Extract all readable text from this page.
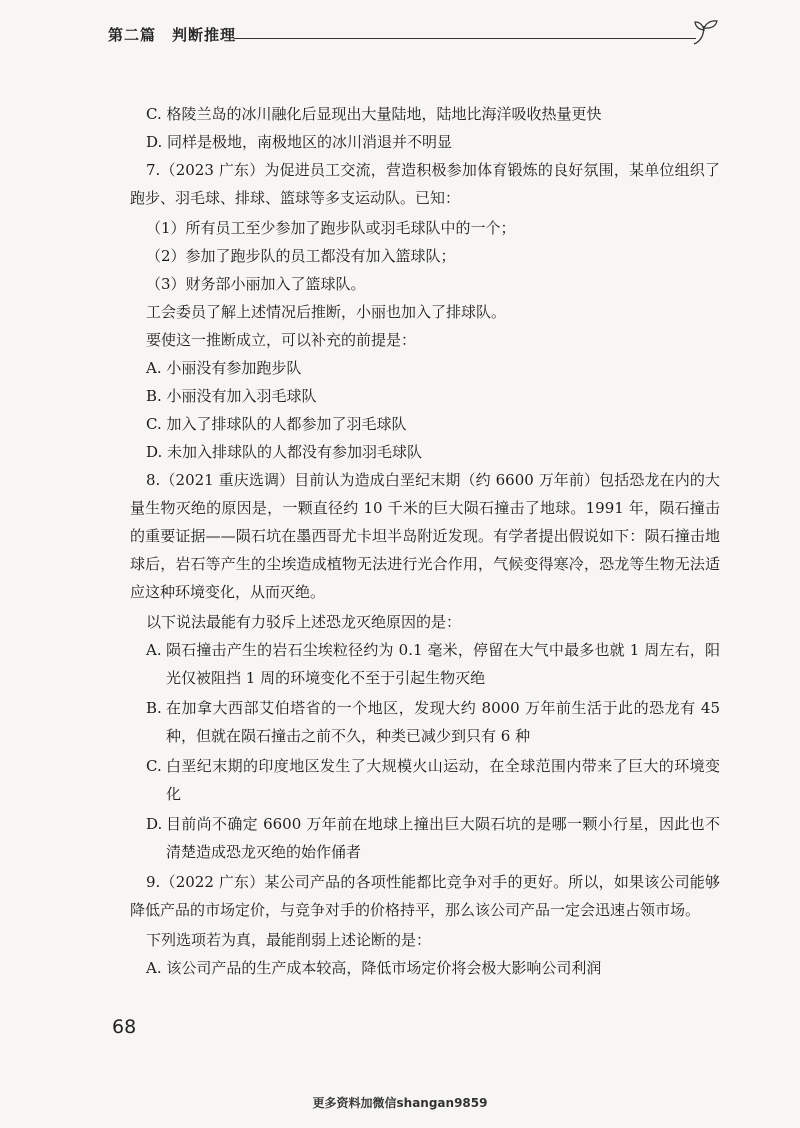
第二篇　判断推理

C. 格陵兰岛的冰川融化后显现出大量陆地，陆地比海洋吸收热量更快

D. 同样是极地，南极地区的冰川消退并不明显

7.（2023 广东）为促进员工交流，营造积极参加体育锻炼的良好氛围，某单位组织了跑步、羽毛球、排球、篮球等多支运动队。已知：

（1）所有员工至少参加了跑步队或羽毛球队中的一个；

（2）参加了跑步队的员工都没有加入篮球队；

（3）财务部小丽加入了篮球队。

工会委员了解上述情况后推断，小丽也加入了排球队。

要使这一推断成立，可以补充的前提是：

A. 小丽没有参加跑步队

B. 小丽没有加入羽毛球队

C. 加入了排球队的人都参加了羽毛球队

D. 未加入排球队的人都没有参加羽毛球队

8.（2021 重庆选调）目前认为造成白垩纪末期（约 6600 万年前）包括恐龙在内的大量生物灭绝的原因是，一颗直径约 10 千米的巨大陨石撞击了地球。1991 年，陨石撞击的重要证据——陨石坑在墨西哥尤卡坦半岛附近发现。有学者提出假说如下：陨石撞击地球后，岩石等产生的尘埃造成植物无法进行光合作用，气候变得寒冷，恐龙等生物无法适应这种环境变化，从而灭绝。

以下说法最能有力驳斥上述恐龙灭绝原因的是：

A. 陨石撞击产生的岩石尘埃粒径约为 0.1 毫米，停留在大气中最多也就 1 周左右，阳光仅被阻挡 1 周的环境变化不至于引起生物灭绝
B. 在加拿大西部艾伯塔省的一个地区，发现大约 8000 万年前生活于此的恐龙有 45 种，但就在陨石撞击之前不久，种类已减少到只有 6 种
C. 白垩纪末期的印度地区发生了大规模火山运动，在全球范围内带来了巨大的环境变化
D. 目前尚不确定 6600 万年前在地球上撞出巨大陨石坑的是哪一颗小行星，因此也不清楚造成恐龙灭绝的始作俑者

9.（2022 广东）某公司产品的各项性能都比竞争对手的更好。所以，如果该公司能够降低产品的市场定价，与竞争对手的价格持平，那么该公司产品一定会迅速占领市场。

下列选项若为真，最能削弱上述论断的是：

A. 该公司产品的生产成本较高，降低市场定价将会极大影响公司利润

68
更多资料加微信shangan9859
